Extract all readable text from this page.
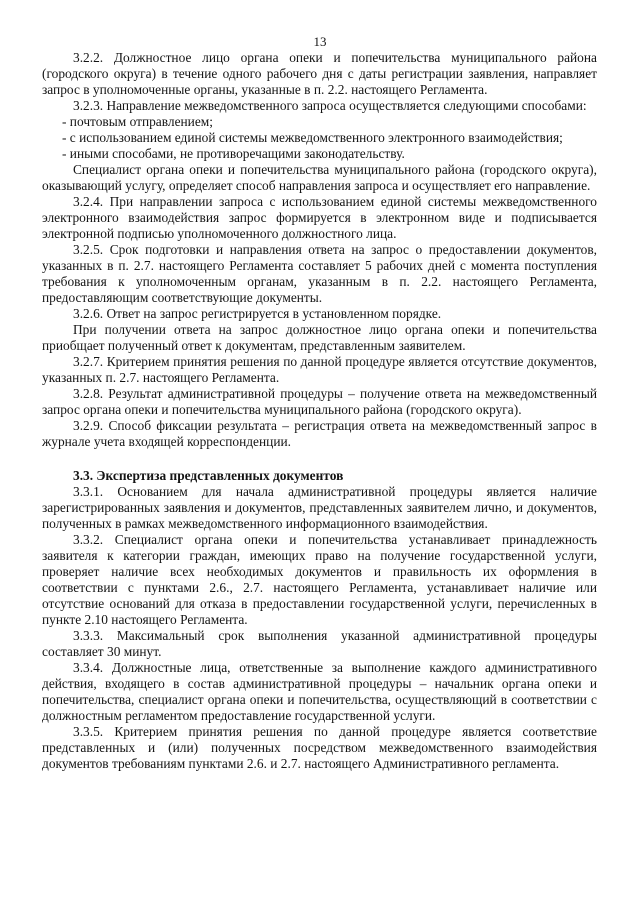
13

3.2.2. Должностное лицо органа опеки и попечительства муниципального района (городского округа) в течение одного рабочего дня с даты регистрации заявления, направляет запрос в уполномоченные органы, указанные в п. 2.2. настоящего Регламента.

3.2.3. Направление межведомственного запроса осуществляется следующими способами:

- почтовым отправлением;

- с использованием единой системы межведомственного электронного взаимодействия;

- иными способами, не противоречащими законодательству.

Специалист органа опеки и попечительства муниципального района (городского округа), оказывающий услугу, определяет способ направления запроса и осуществляет его направление.

3.2.4. При направлении запроса с использованием единой системы межведомственного электронного взаимодействия запрос формируется в электронном виде и подписывается электронной подписью уполномоченного должностного лица.

3.2.5. Срок подготовки и направления ответа на запрос о предоставлении документов, указанных в п. 2.7. настоящего Регламента составляет 5 рабочих дней с момента поступления требования к уполномоченным органам, указанным в п. 2.2. настоящего Регламента, предоставляющим соответствующие документы.

3.2.6. Ответ на запрос регистрируется в установленном порядке.

При получении ответа на запрос должностное лицо органа опеки и попечительства приобщает полученный ответ к документам, представленным заявителем.

3.2.7. Критерием принятия решения по данной процедуре является отсутствие документов, указанных п. 2.7. настоящего Регламента.

3.2.8. Результат административной процедуры – получение ответа на межведомственный запрос органа опеки и попечительства муниципального района (городского округа).

3.2.9. Способ фиксации результата – регистрация ответа на межведомственный запрос в журнале учета входящей корреспонденции.

3.3. Экспертиза представленных документов

3.3.1. Основанием для начала административной процедуры является наличие зарегистрированных заявления и документов, представленных заявителем лично, и документов, полученных в рамках межведомственного информационного взаимодействия.

3.3.2. Специалист органа опеки и попечительства устанавливает принадлежность заявителя к категории граждан, имеющих право на получение государственной услуги, проверяет наличие всех необходимых документов и правильность их оформления в соответствии с пунктами 2.6., 2.7. настоящего Регламента, устанавливает наличие или отсутствие оснований для отказа в предоставлении государственной услуги, перечисленных в пункте 2.10 настоящего Регламента.

3.3.3. Максимальный срок выполнения указанной административной процедуры составляет 30 минут.

3.3.4. Должностные лица, ответственные за выполнение каждого административного действия, входящего в состав административной процедуры – начальник органа опеки и попечительства, специалист органа опеки и попечительства, осуществляющий в соответствии с должностным регламентом предоставление государственной услуги.

3.3.5. Критерием принятия решения по данной процедуре является соответствие представленных и (или) полученных посредством межведомственного взаимодействия документов требованиям пунктами 2.6. и 2.7. настоящего Административного регламента.
